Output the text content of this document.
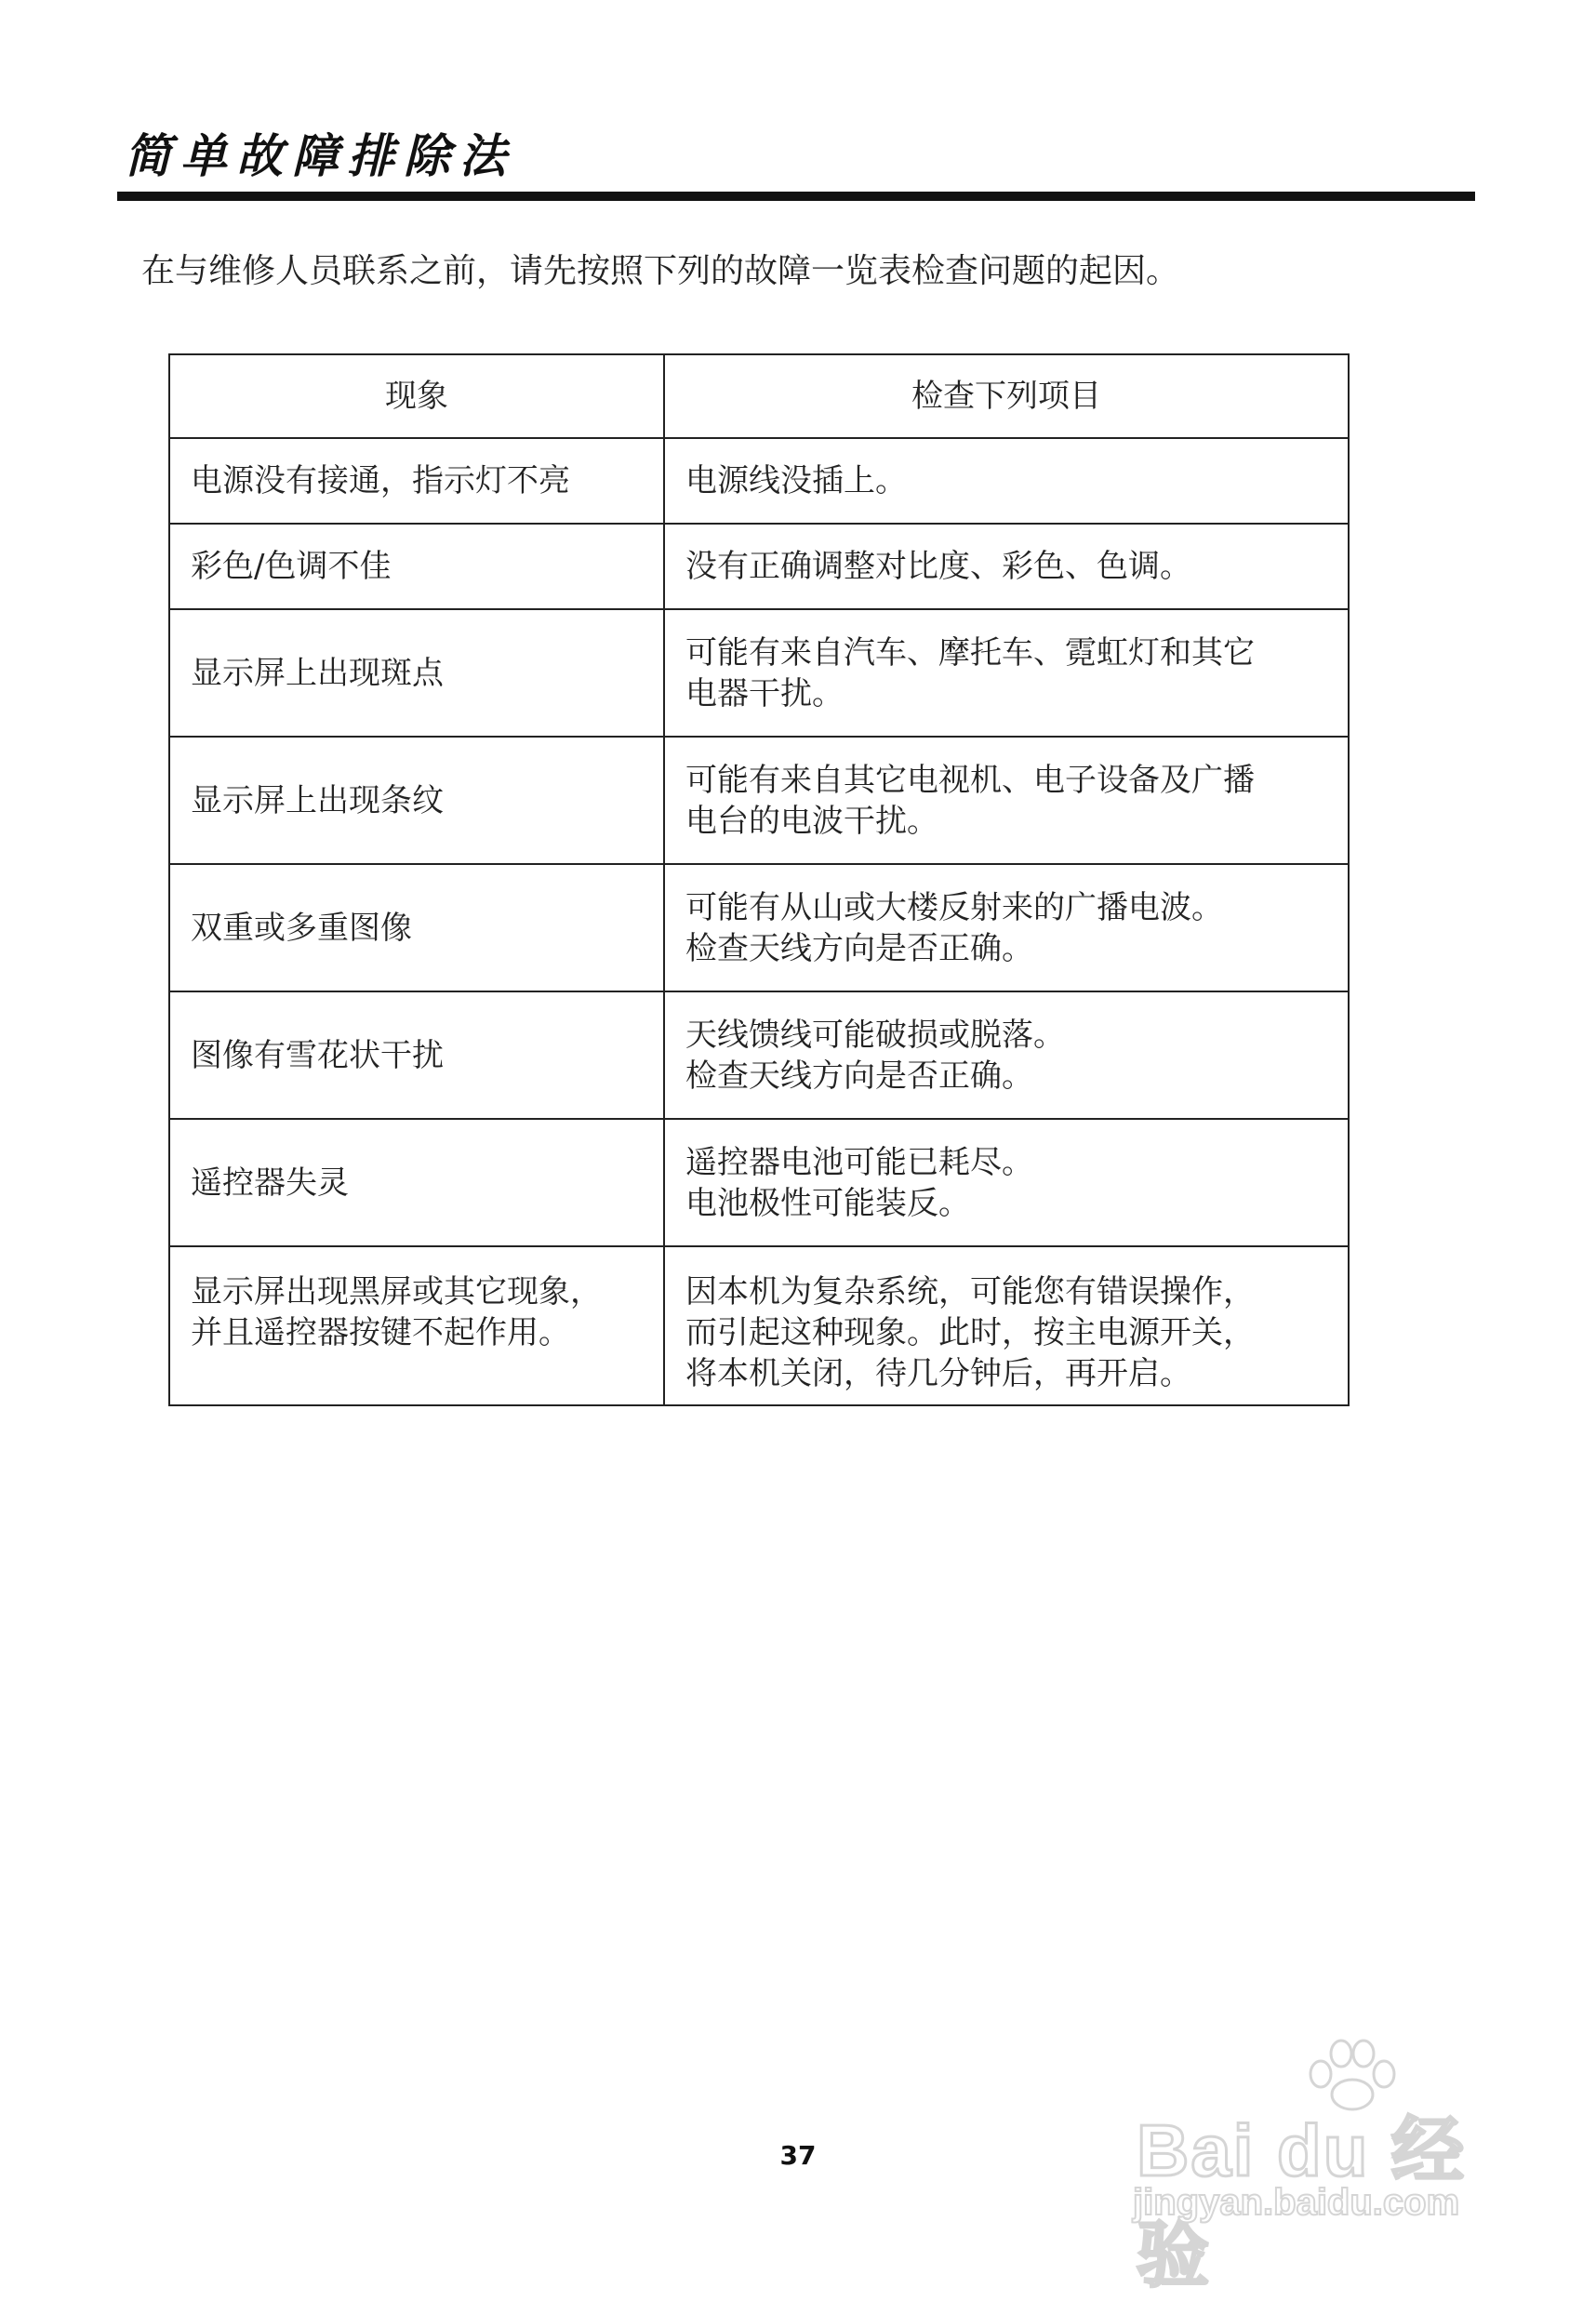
简单故障排除法
在与维修人员联系之前，请先按照下列的故障一览表检查问题的起因。
现象	检查下列项目

电源没有接通，指示灯不亮	电源线没插上。

彩色/色调不佳	没有正确调整对比度、彩色、色调。

显示屏上出现斑点	可能有来自汽车、摩托车、霓虹灯和其它
电器干扰。

显示屏上出现条纹	可能有来自其它电视机、电子设备及广播
电台的电波干扰。

双重或多重图像	可能有从山或大楼反射来的广播电波。
检查天线方向是否正确。

图像有雪花状干扰	天线馈线可能破损或脱落。
检查天线方向是否正确。

遥控器失灵	遥控器电池可能已耗尽。
电池极性可能装反。

显示屏出现黑屏或其它现象，
并且遥控器按键不起作用。	因本机为复杂系统，可能您有错误操作，
而引起这种现象。此时，按主电源开关，
将本机关闭，待几分钟后，再开启。
37	Bai du 经验
jingyan.baidu.com
